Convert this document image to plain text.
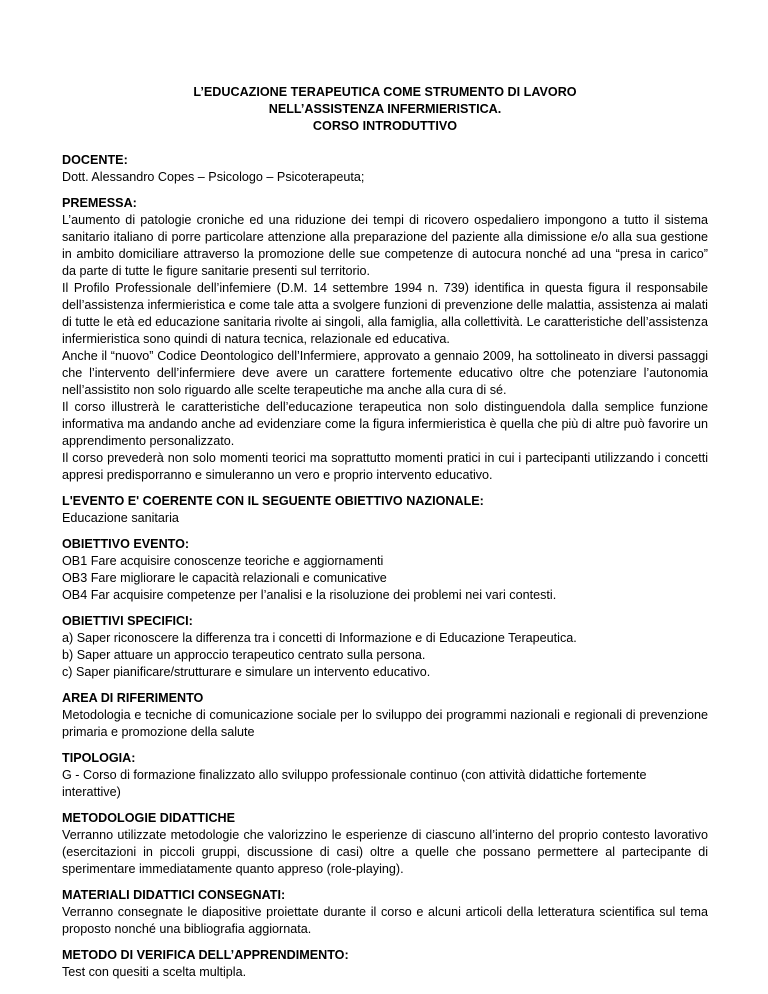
L’EDUCAZIONE TERAPEUTICA COME STRUMENTO DI LAVORO
NELL’ASSISTENZA INFERMIERISTICA.
CORSO INTRODUTTIVO
DOCENTE:
Dott. Alessandro Copes – Psicologo – Psicoterapeuta;
PREMESSA:
L’aumento di patologie croniche ed una riduzione dei tempi di ricovero ospedaliero impongono a tutto il sistema sanitario italiano di porre particolare attenzione alla preparazione del paziente alla dimissione e/o alla sua gestione in ambito domiciliare attraverso la promozione delle sue competenze di autocura nonché ad una “presa in carico” da parte di tutte le figure sanitarie presenti sul territorio.
Il Profilo Professionale dell’infemiere (D.M. 14 settembre 1994 n. 739) identifica in questa figura il responsabile dell’assistenza infermieristica e come tale atta a svolgere funzioni di prevenzione delle malattia, assistenza ai malati di tutte le età ed educazione sanitaria rivolte ai singoli, alla famiglia, alla collettività. Le caratteristiche dell’assistenza infermieristica sono quindi di natura tecnica, relazionale ed educativa.
Anche il “nuovo” Codice Deontologico dell’Infermiere, approvato a gennaio 2009, ha sottolineato in diversi passaggi che l’intervento dell’infermiere deve avere un carattere fortemente educativo oltre che potenziare l’autonomia nell’assistito non solo riguardo alle scelte terapeutiche ma anche alla cura di sé.
Il corso illustrerà le caratteristiche dell’educazione terapeutica non solo distinguendola dalla semplice funzione informativa ma andando anche ad evidenziare come la figura infermieristica è quella che più di altre può favorire un apprendimento personalizzato.
Il corso prevederà non solo momenti teorici ma soprattutto momenti pratici in cui i partecipanti utilizzando i concetti appresi predisporranno e simuleranno un vero e proprio intervento educativo.
L'EVENTO E' COERENTE CON IL SEGUENTE OBIETTIVO NAZIONALE:
Educazione sanitaria
OBIETTIVO EVENTO:
OB1 Fare acquisire conoscenze teoriche e aggiornamenti
OB3 Fare migliorare le capacità relazionali e comunicative
OB4 Far acquisire competenze per l’analisi e la risoluzione dei problemi nei vari contesti.
OBIETTIVI SPECIFICI:
a) Saper riconoscere la differenza tra i concetti di Informazione e di Educazione Terapeutica.
b) Saper attuare un approccio terapeutico centrato sulla persona.
c) Saper pianificare/strutturare e simulare un intervento educativo.
AREA DI RIFERIMENTO
Metodologia e tecniche di comunicazione sociale per lo sviluppo dei programmi nazionali e regionali di prevenzione primaria e promozione della salute
TIPOLOGIA:
G - Corso di formazione finalizzato allo sviluppo professionale continuo (con attività didattiche fortemente interattive)
METODOLOGIE DIDATTICHE
Verranno utilizzate metodologie che valorizzino le esperienze di ciascuno all’interno del proprio contesto lavorativo (esercitazioni in piccoli gruppi, discussione di casi) oltre a quelle che possano permettere al partecipante di sperimentare immediatamente quanto appreso (role-playing).
MATERIALI DIDATTICI CONSEGNATI:
Verranno consegnate le diapositive proiettate durante il corso e alcuni articoli della letteratura scientifica sul tema proposto nonché una bibliografia aggiornata.
METODO DI VERIFICA DELL’APPRENDIMENTO:
Test con quesiti a scelta multipla.
